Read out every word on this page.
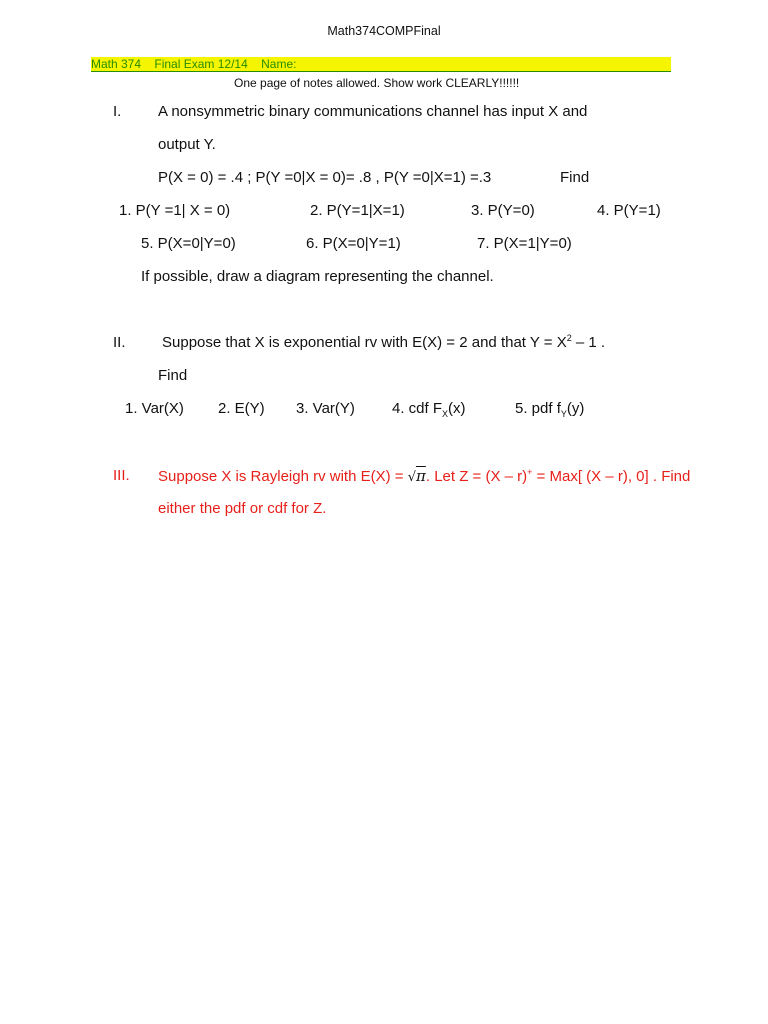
Math374COMPFinal
Math 374 Final Exam 12/14 Name:
One page of notes allowed. Show work CLEARLY!!!!!!
I. A nonsymmetric binary communications channel has input X and
output Y.
P(X = 0) = .4 ; P(Y =0|X = 0)= .8 , P(Y =0|X=1) =.3	Find
1. P(Y =1| X = 0)	2. P(Y=1|X=1)	3. P(Y=0)	4. P(Y=1)
5. P(X=0|Y=0)	6. P(X=0|Y=1)	7. P(X=1|Y=0)
If possible, draw a diagram representing the channel.
II. Suppose that X is exponential rv with E(X) = 2 and that $Y = X^2 - 1$ .
Find
1. Var(X) 2. E(Y) 3. Var(Y) 4. cdf $F_X(x)$	5. pdf $f_Y(y)$
III. Suppose X is Rayleigh rv with E(X) = √π. Let Z = (X – r)+ = Max[ (X – r), 0] . Find
either the pdf or cdf for Z.
